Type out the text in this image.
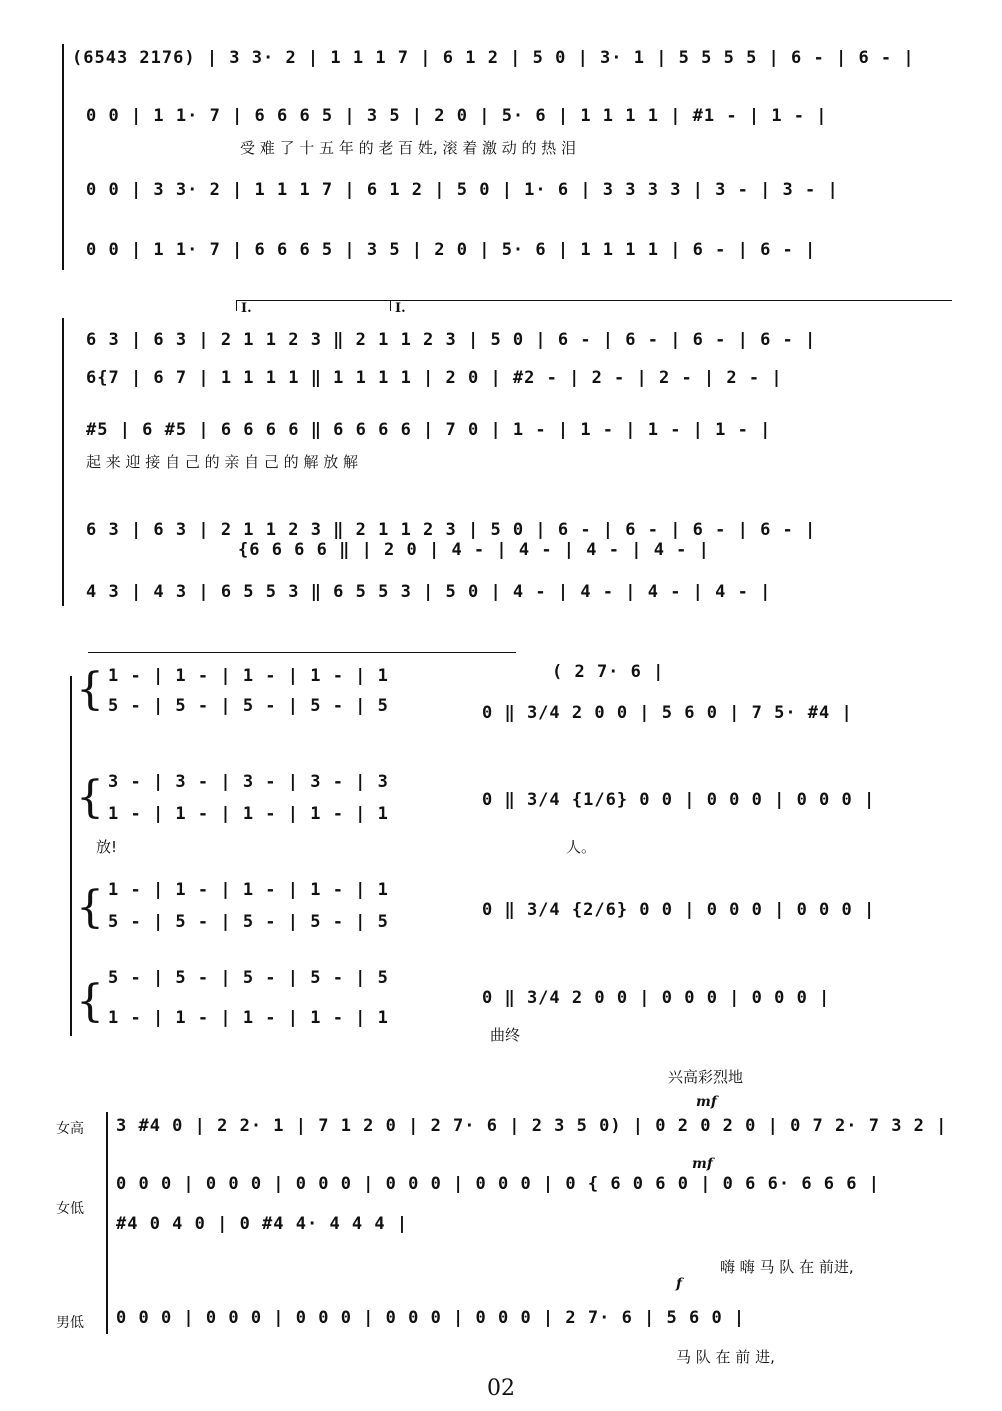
(6543 2176) | 3 3· 2 | 1 1 1 7 | 6 1 2 | 5 0 | 3· 1 | 5 5 5 5 | 6 - | 6 - |
0 0 | 1 1· 7 | 6 6 6 5 | 3 5 | 2 0 | 5· 6 | 1 1 1 1 | #1 - | 1 - |
受 难 了 十 五 年 的 老 百 姓, 滚 着 激 动 的 热 泪
0 0 | 3 3· 2 | 1 1 1 7 | 6 1 2 | 5 0 | 1· 6 | 3 3 3 3 | 3 - | 3 - |
0 0 | 1 1· 7 | 6 6 6 5 | 3 5 | 2 0 | 5· 6 | 1 1 1 1 | 6 - | 6 - |
I.	I.
6 3 | 6 3 | 2 1 1 2 3 ‖ 2 1 1 2 3 | 5 0 | 6 - | 6 - | 6 - | 6 - |
6{7 | 6 7 | 1 1 1 1 ‖ 1 1 1 1 | 2 0 | #2 - | 2 - | 2 - | 2 - |
#5 | 6 #5 | 6 6 6 6 ‖ 6 6 6 6 | 7 0 | 1 - | 1 - | 1 - | 1 - |
起 来 迎 接 自 己 的 亲 自 己 的 解 放 解
6 3 | 6 3 | 2 1 1 2 3 ‖ 2 1 1 2 3 | 5 0 | 6 - | 6 - | 6 - | 6 - |
{6 6 6 6 ‖ | 2 0 | 4 - | 4 - | 4 - | 4 - |
4 3 | 4 3 | 6 5 5 3 ‖ 6 5 5 3 | 5 0 | 4 - | 4 - | 4 - | 4 - |
( 2 7· 6 |
{ 1 - | 1 - | 1 - | 1 - | 1
5 - | 5 - | 5 - | 5 - | 5	0 ‖ 3/4 2 0 0 | 5 6 0 | 7 5· #4 |
{ 3 - | 3 - | 3 - | 3 - | 3
1 - | 1 - | 1 - | 1 - | 1
0 ‖ 3/4 {1/6} 0 0 | 0 0 0 | 0 0 0 |
放!	人。
{ 1 - | 1 - | 1 - | 1 - | 1
5 - | 5 - | 5 - | 5 - | 5
0 ‖ 3/4 {2/6} 0 0 | 0 0 0 | 0 0 0 |
{ 5 - | 5 - | 5 - | 5 - | 5
1 - | 1 - | 1 - | 1 - | 1
0 ‖ 3/4 2 0 0 | 0 0 0 | 0 0 0 |
曲终
兴高彩烈地
mf
mf
f
女高 3 #4 0 | 2 2· 1 | 7 1 2 0 | 2 7· 6 | 2 3 5 0) | 0 2 0 2 0 | 0 7 2· 7 3 2 |
女低
0 0 0 | 0 0 0 | 0 0 0 | 0 0 0 | 0 0 0 | 0 { 6 0 6 0 | 0 6 6· 6 6 6 |
#4 0 4 0 | 0 #4 4· 4 4 4 |
嗨 嗨 马 队 在 前进,
男低 0 0 0 | 0 0 0 | 0 0 0 | 0 0 0 | 0 0 0 | 2 7· 6 | 5 6 0 |
马 队 在 前 进,
02
